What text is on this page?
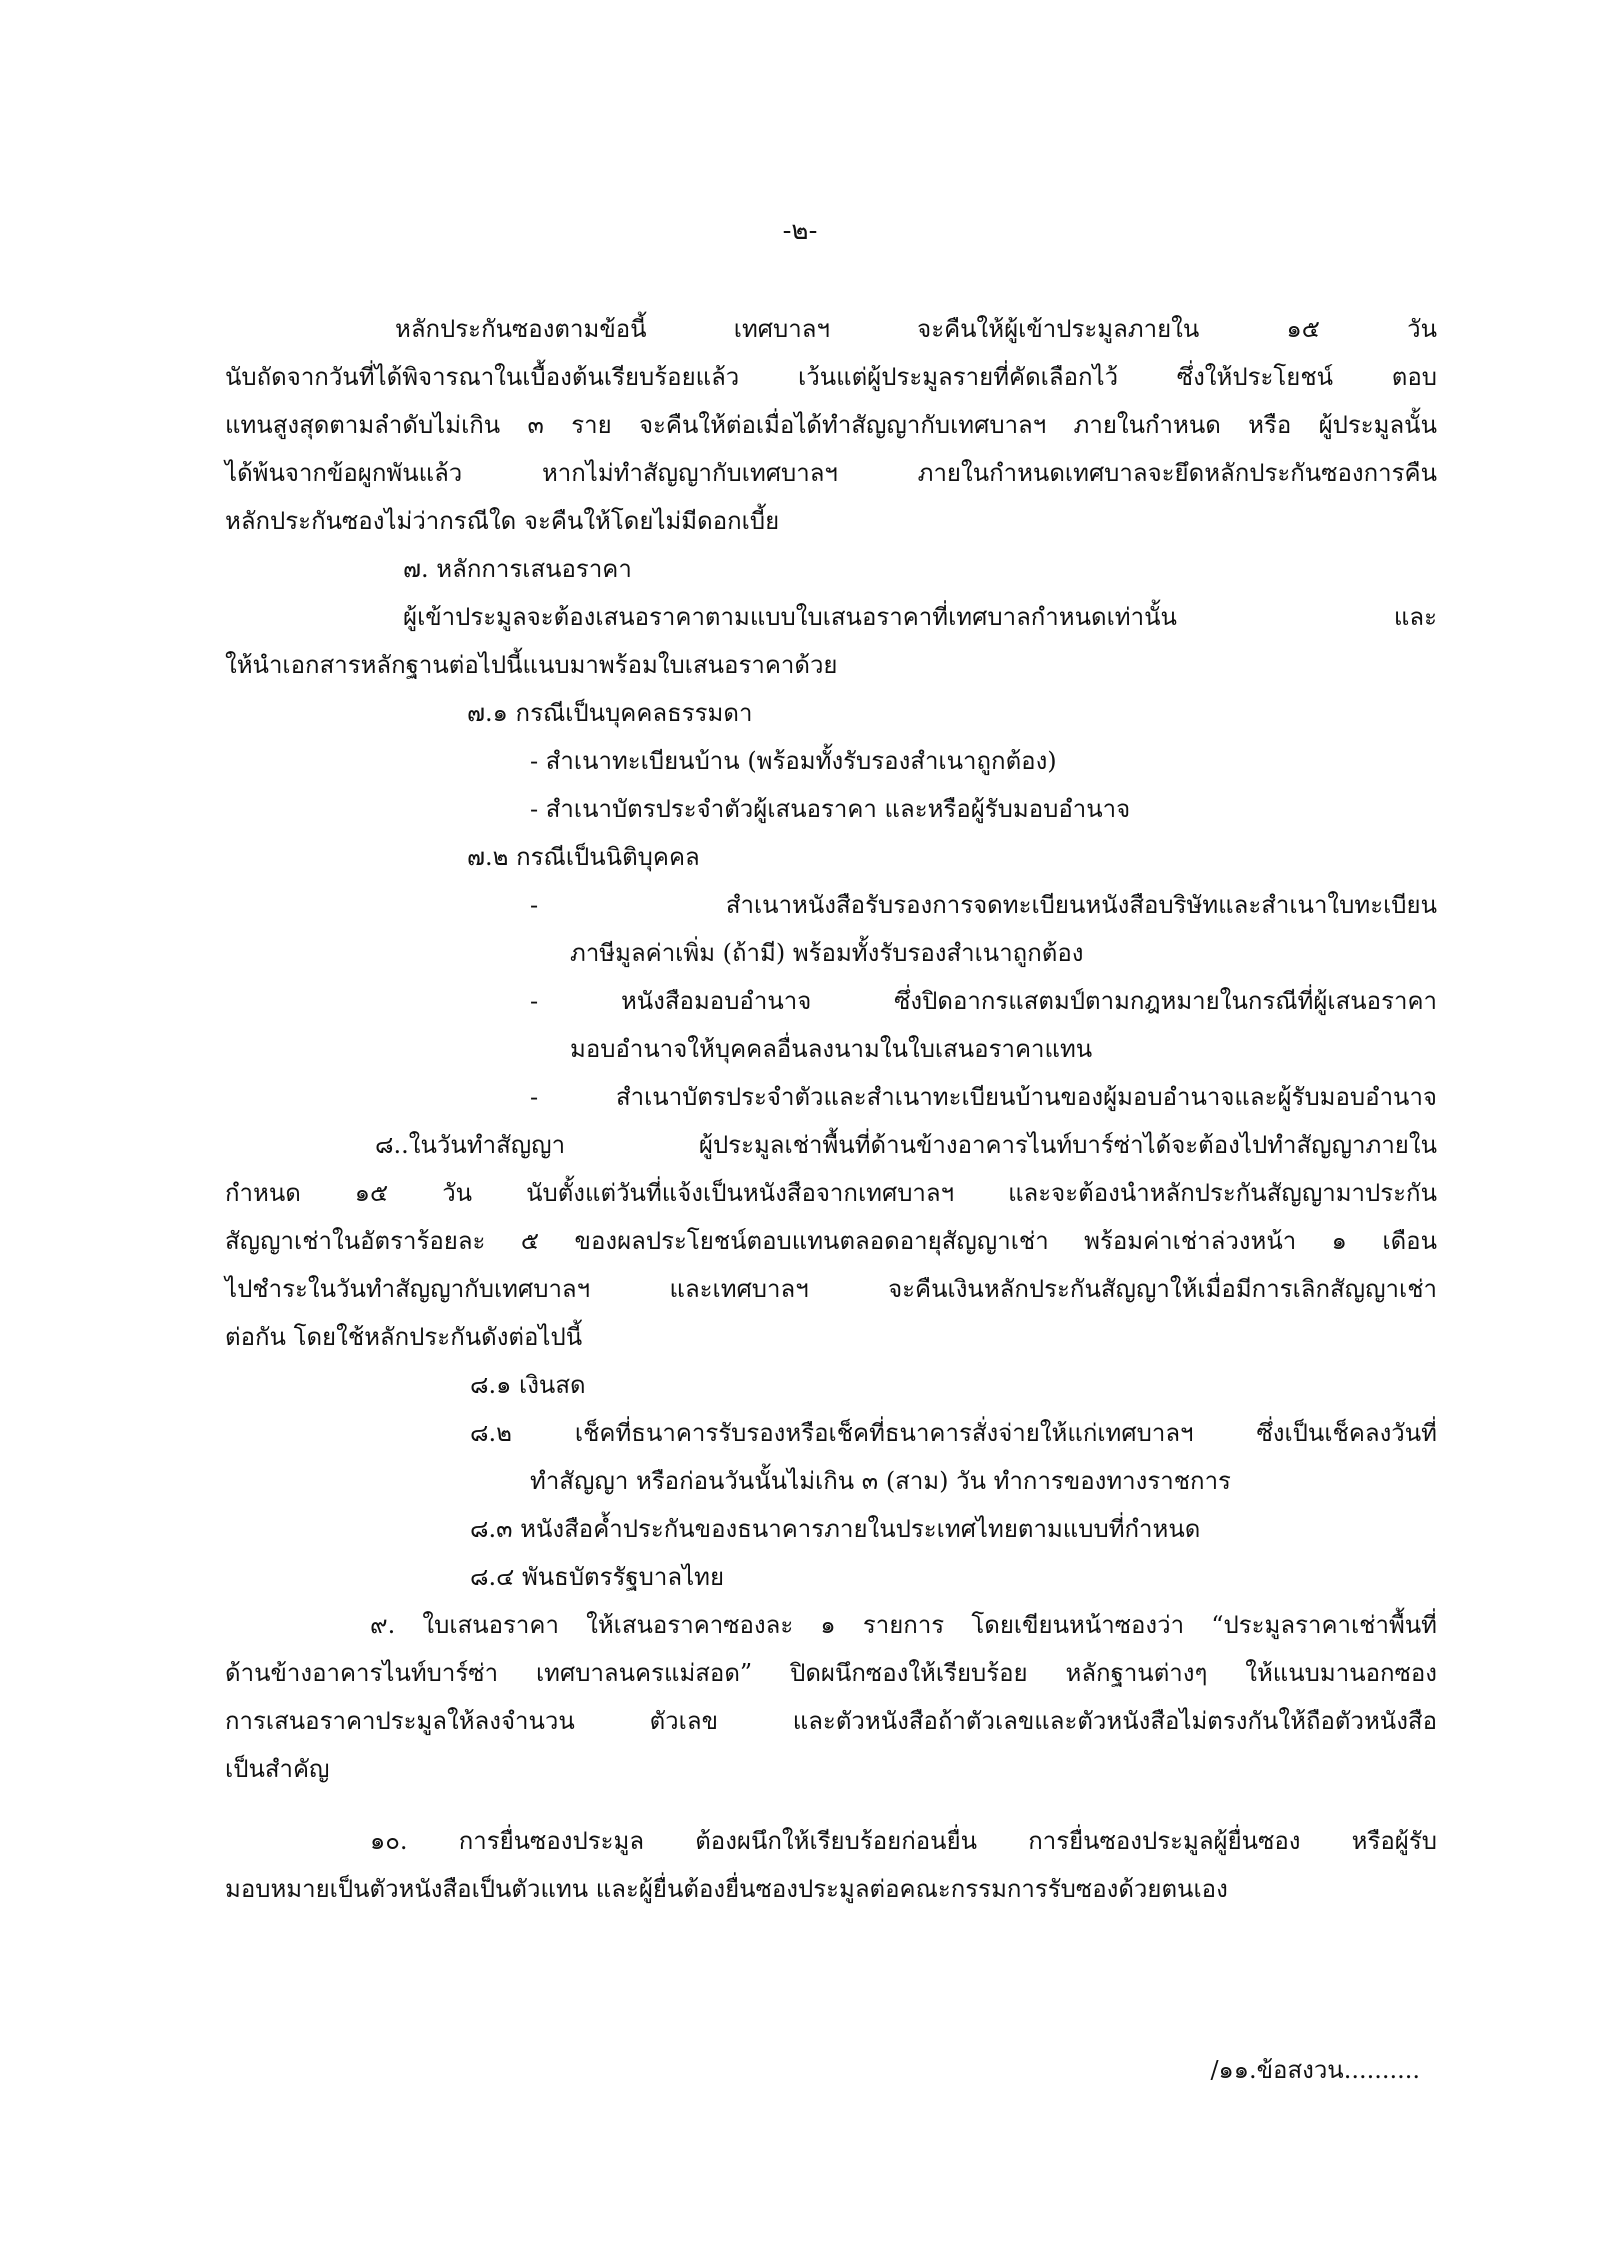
-๒-
หลักประกันซองตามข้อนี้ เทศบาลฯ จะคืนให้ผู้เข้าประมูลภายใน ๑๕ วัน
นับถัดจากวันที่ได้พิจารณาในเบื้องต้นเรียบร้อยแล้ว เว้นแต่ผู้ประมูลรายที่คัดเลือกไว้ ซึ่งให้ประโยชน์ ตอบ
แทนสูงสุดตามลำดับไม่เกิน ๓ ราย จะคืนให้ต่อเมื่อได้ทำสัญญากับเทศบาลฯ ภายในกำหนด หรือ ผู้ประมูลนั้น
ได้พ้นจากข้อผูกพันแล้ว หากไม่ทำสัญญากับเทศบาลฯ ภายในกำหนดเทศบาลจะยึดหลักประกันซองการคืน
หลักประกันซองไม่ว่ากรณีใด จะคืนให้โดยไม่มีดอกเบี้ย
๗. หลักการเสนอราคา
ผู้เข้าประมูลจะต้องเสนอราคาตามแบบใบเสนอราคาที่เทศบาลกำหนดเท่านั้น และ
ให้นำเอกสารหลักฐานต่อไปนี้แนบมาพร้อมใบเสนอราคาด้วย
๗.๑ กรณีเป็นบุคคลธรรมดา
- สำเนาทะเบียนบ้าน (พร้อมทั้งรับรองสำเนาถูกต้อง)
- สำเนาบัตรประจำตัวผู้เสนอราคา และหรือผู้รับมอบอำนาจ
๗.๒ กรณีเป็นนิติบุคคล
- สำเนาหนังสือรับรองการจดทะเบียนหนังสือบริษัทและสำเนาใบทะเบียน
ภาษีมูลค่าเพิ่ม (ถ้ามี) พร้อมทั้งรับรองสำเนาถูกต้อง
- หนังสือมอบอำนาจ ซึ่งปิดอากรแสตมป์ตามกฎหมายในกรณีที่ผู้เสนอราคา
มอบอำนาจให้บุคคลอื่นลงนามในใบเสนอราคาแทน
- สำเนาบัตรประจำตัวและสำเนาทะเบียนบ้านของผู้มอบอำนาจและผู้รับมอบอำนาจ
๘..ในวันทำสัญญา ผู้ประมูลเช่าพื้นที่ด้านข้างอาคารไนท์บาร์ซ่าได้จะต้องไปทำสัญญาภายใน
กำหนด ๑๕ วัน นับตั้งแต่วันที่แจ้งเป็นหนังสือจากเทศบาลฯ และจะต้องนำหลักประกันสัญญามาประกัน
สัญญาเช่าในอัตราร้อยละ ๕ ของผลประโยชน์ตอบแทนตลอดอายุสัญญาเช่า พร้อมค่าเช่าล่วงหน้า ๑ เดือน
ไปชำระในวันทำสัญญากับเทศบาลฯ และเทศบาลฯ จะคืนเงินหลักประกันสัญญาให้เมื่อมีการเลิกสัญญาเช่า
ต่อกัน โดยใช้หลักประกันดังต่อไปนี้
๘.๑ เงินสด
๘.๒ เช็คที่ธนาคารรับรองหรือเช็คที่ธนาคารสั่งจ่ายให้แก่เทศบาลฯ ซึ่งเป็นเช็คลงวันที่
ทำสัญญา หรือก่อนวันนั้นไม่เกิน ๓ (สาม) วัน ทำการของทางราชการ
๘.๓ หนังสือค้ำประกันของธนาคารภายในประเทศไทยตามแบบที่กำหนด
๘.๔ พันธบัตรรัฐบาลไทย
๙. ใบเสนอราคา ให้เสนอราคาซองละ ๑ รายการ โดยเขียนหน้าซองว่า “ประมูลราคาเช่าพื้นที่
ด้านข้างอาคารไนท์บาร์ซ่า เทศบาลนครแม่สอด” ปิดผนึกซองให้เรียบร้อย หลักฐานต่างๆ ให้แนบมานอกซอง
การเสนอราคาประมูลให้ลงจำนวน ตัวเลข และตัวหนังสือถ้าตัวเลขและตัวหนังสือไม่ตรงกันให้ถือตัวหนังสือ
เป็นสำคัญ
๑๐. การยื่นซองประมูล ต้องผนึกให้เรียบร้อยก่อนยื่น การยื่นซองประมูลผู้ยื่นซอง หรือผู้รับ
มอบหมายเป็นตัวหนังสือเป็นตัวแทน และผู้ยื่นต้องยื่นซองประมูลต่อคณะกรรมการรับซองด้วยตนเอง
/๑๑.ข้อสงวน..........
